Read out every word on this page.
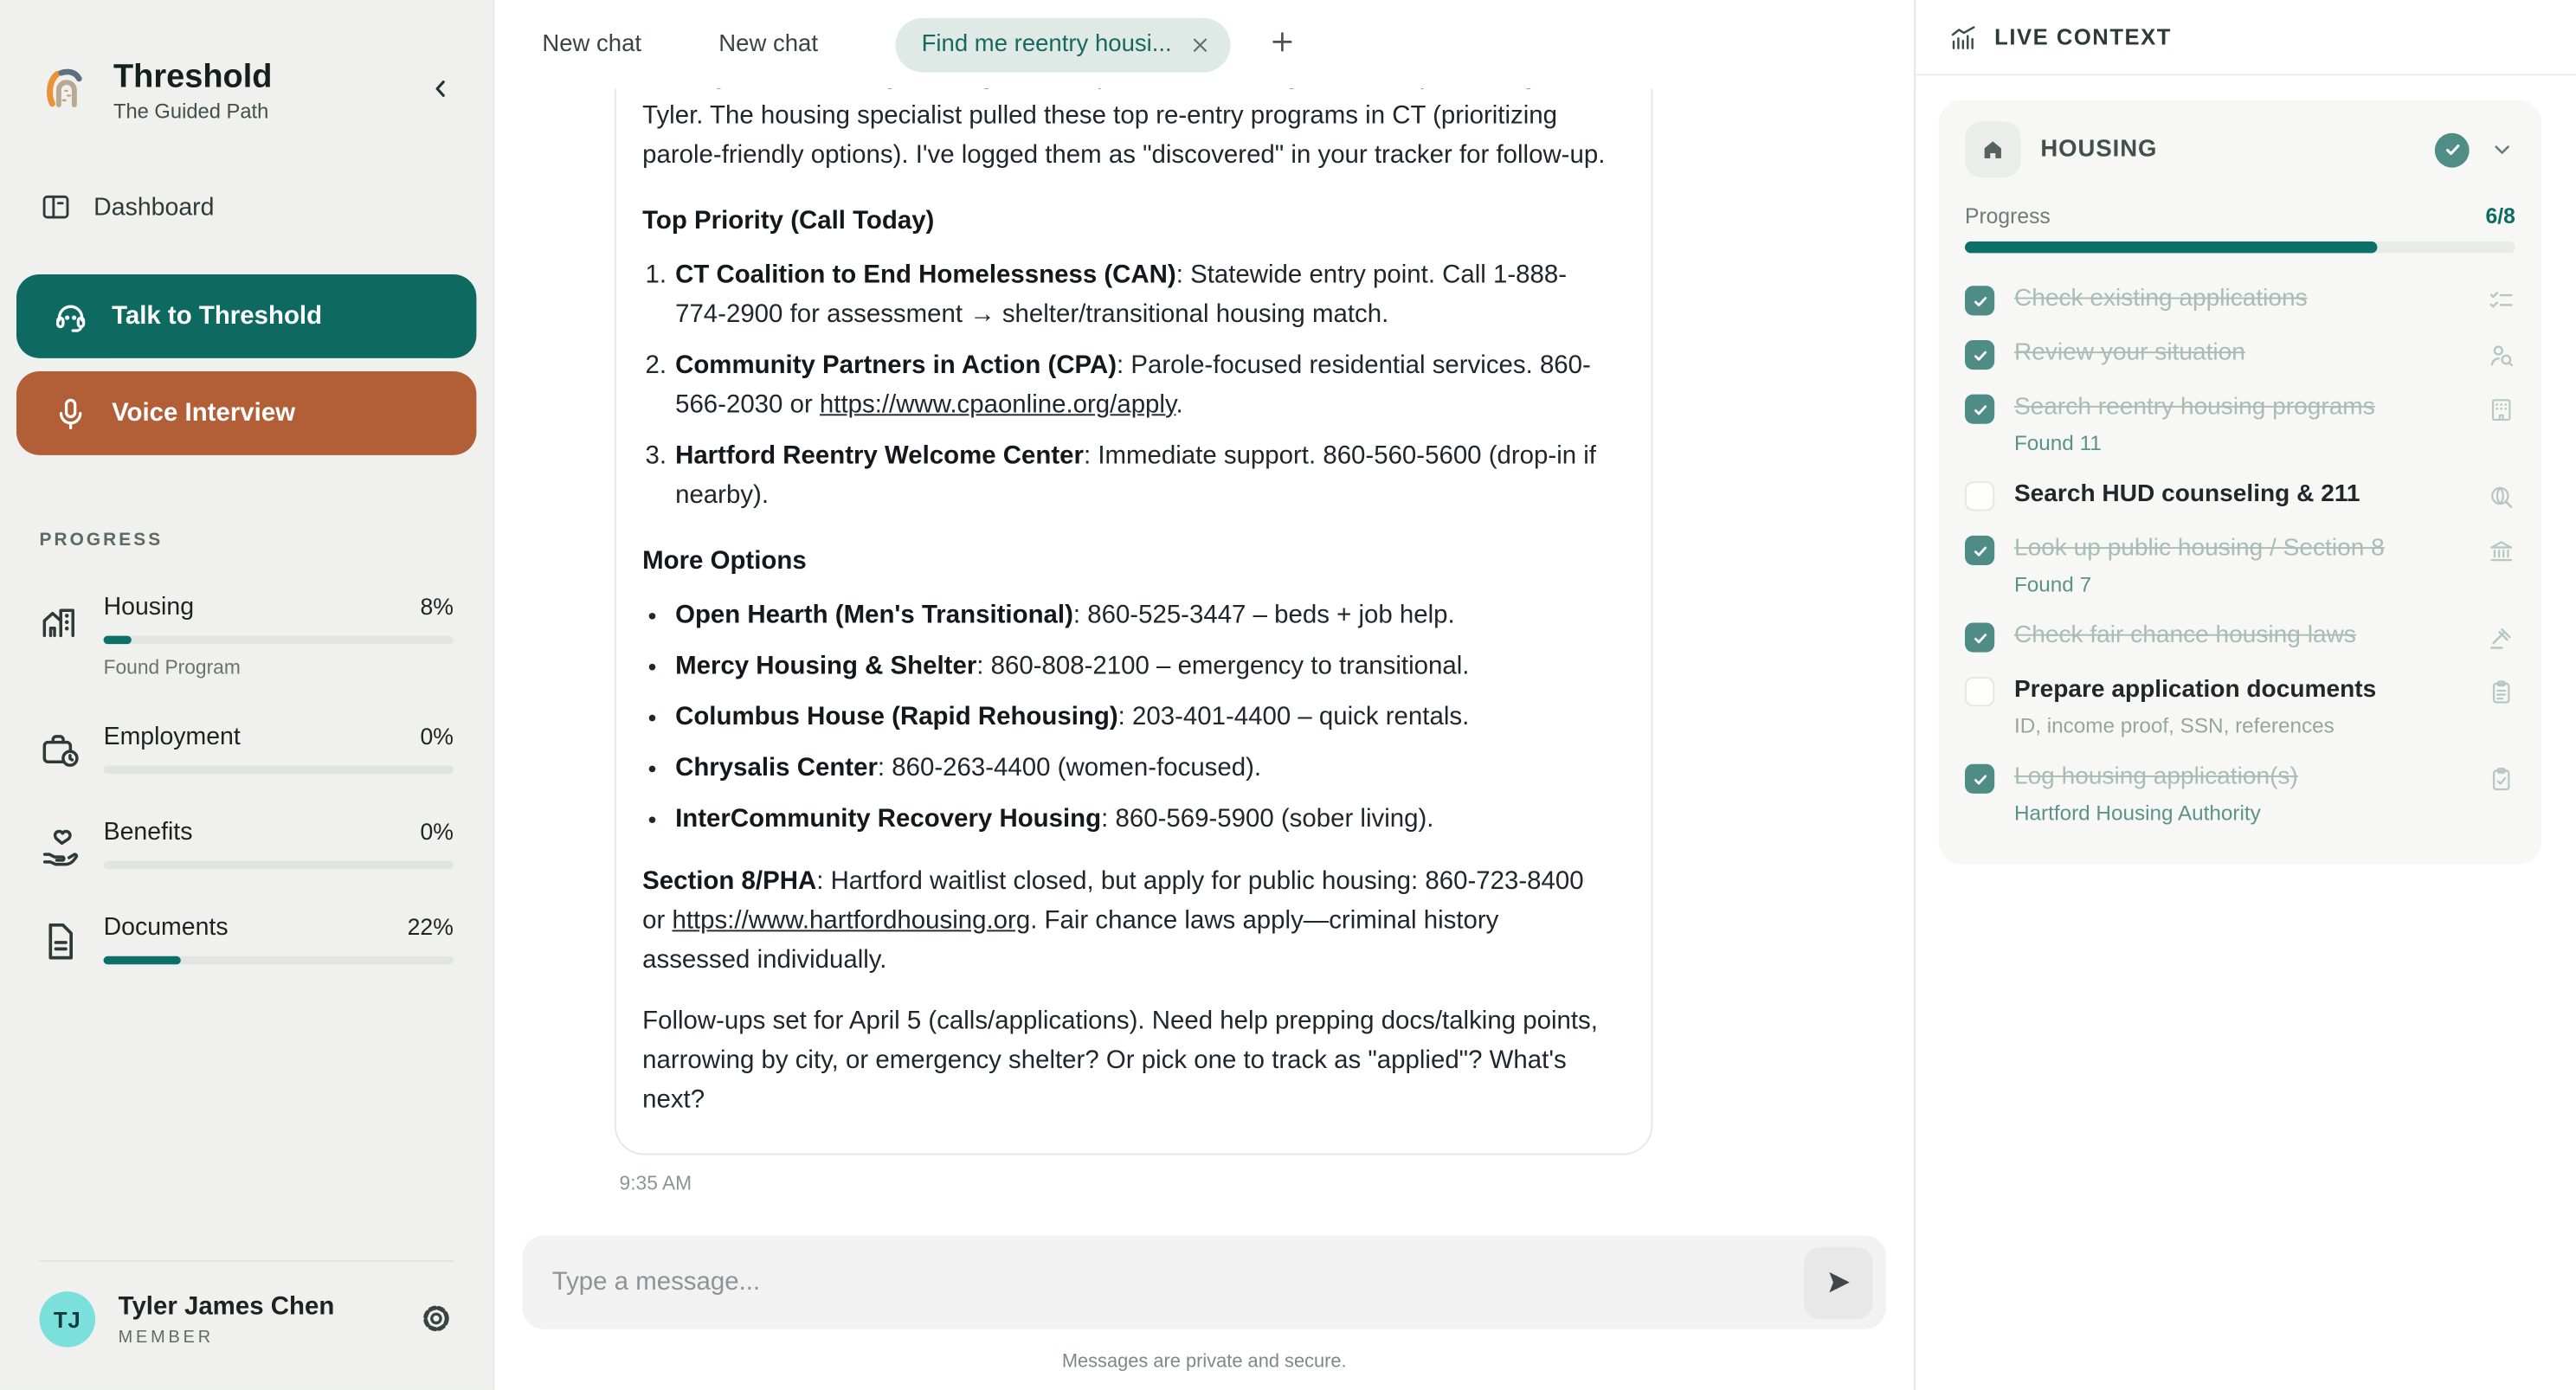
Threshold
The Guided Path
Dashboard
Talk to Threshold
Voice Interview
PROGRESS
Housing	8%
Found Program
Employment	0%
Benefits	0%
Documents	22%
TJ	Tyler James Chen
MEMBER
New chat	New chat	Find me reentry housi...

Tyler. The housing specialist pulled these top re-entry programs in CT (prioritizing parole-friendly options). I've logged them as "discovered" in your tracker for follow-up.

Top Priority (Call Today)

1. CT Coalition to End Homelessness (CAN): Statewide entry point. Call 1-888-774-2900 for assessment → shelter/transitional housing match.
2. Community Partners in Action (CPA): Parole-focused residential services. 860-566-2030 or https://www.cpaonline.org/apply.
3. Hartford Reentry Welcome Center: Immediate support. 860-560-5600 (drop-in if nearby).

More Options

• Open Hearth (Men's Transitional): 860-525-3447 – beds + job help.
• Mercy Housing & Shelter: 860-808-2100 – emergency to transitional.
• Columbus House (Rapid Rehousing): 203-401-4400 – quick rentals.
• Chrysalis Center: 860-263-4400 (women-focused).
• InterCommunity Recovery Housing: 860-569-5900 (sober living).

Section 8/PHA: Hartford waitlist closed, but apply for public housing: 860-723-8400 or https://www.hartfordhousing.org. Fair chance laws apply—criminal history assessed individually.

Follow-ups set for April 5 (calls/applications). Need help prepping docs/talking points, narrowing by city, or emergency shelter? Or pick one to track as "applied"? What's next?

9:35 AM
Type a message...
Messages are private and secure.
LIVE CONTEXT
HOUSING
Progress	6/8
Check existing applications
Review your situation
Search reentry housing programs
Found 11
Search HUD counseling & 211
Look up public housing / Section 8
Found 7
Check fair chance housing laws
Prepare application documents
ID, income proof, SSN, references
Log housing application(s)
Hartford Housing Authority
